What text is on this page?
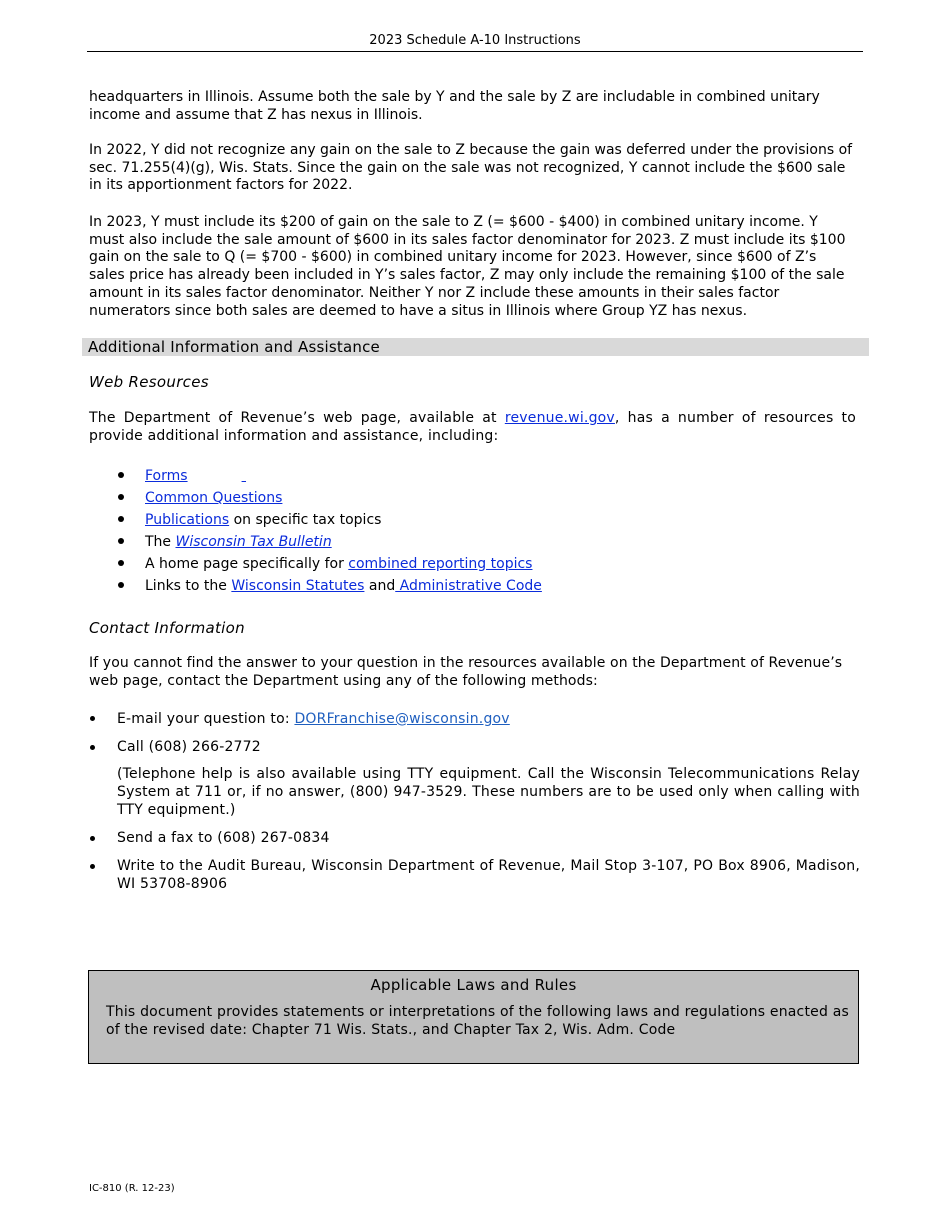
2023 Schedule A-10 Instructions
headquarters in Illinois. Assume both the sale by Y and the sale by Z are includable in combined unitary income and assume that Z has nexus in Illinois.
In 2022, Y did not recognize any gain on the sale to Z because the gain was deferred under the provisions of sec. 71.255(4)(g), Wis. Stats. Since the gain on the sale was not recognized, Y cannot include the $600 sale in its apportionment factors for 2022.
In 2023, Y must include its $200 of gain on the sale to Z (= $600 - $400) in combined unitary income. Y must also include the sale amount of $600 in its sales factor denominator for 2023. Z must include its $100 gain on the sale to Q (= $700 - $600) in combined unitary income for 2023. However, since $600 of Z’s sales price has already been included in Y’s sales factor, Z may only include the remaining $100 of the sale amount in its sales factor denominator. Neither Y nor Z include these amounts in their sales factor numerators since both sales are deemed to have a situs in Illinois where Group YZ has nexus.
Additional Information and Assistance
Web Resources
The Department of Revenue’s web page, available at revenue.wi.gov, has a number of resources to provide additional information and assistance, including:
Forms
Common Questions
Publications on specific tax topics
The Wisconsin Tax Bulletin
A home page specifically for combined reporting topics
Links to the Wisconsin Statutes and Administrative Code
Contact Information
If you cannot find the answer to your question in the resources available on the Department of Revenue’s web page, contact the Department using any of the following methods:
E-mail your question to: DORFranchise@wisconsin.gov
Call (608) 266-2772
(Telephone help is also available using TTY equipment. Call the Wisconsin Telecommunications Relay System at 711 or, if no answer, (800) 947-3529. These numbers are to be used only when calling with TTY equipment.)
Send a fax to (608) 267-0834
Write to the Audit Bureau, Wisconsin Department of Revenue, Mail Stop 3-107, PO Box 8906, Madison, WI 53708-8906
Applicable Laws and Rules
This document provides statements or interpretations of the following laws and regulations enacted as of the revised date: Chapter 71 Wis. Stats., and Chapter Tax 2, Wis. Adm. Code
IC-810 (R. 12-23)
